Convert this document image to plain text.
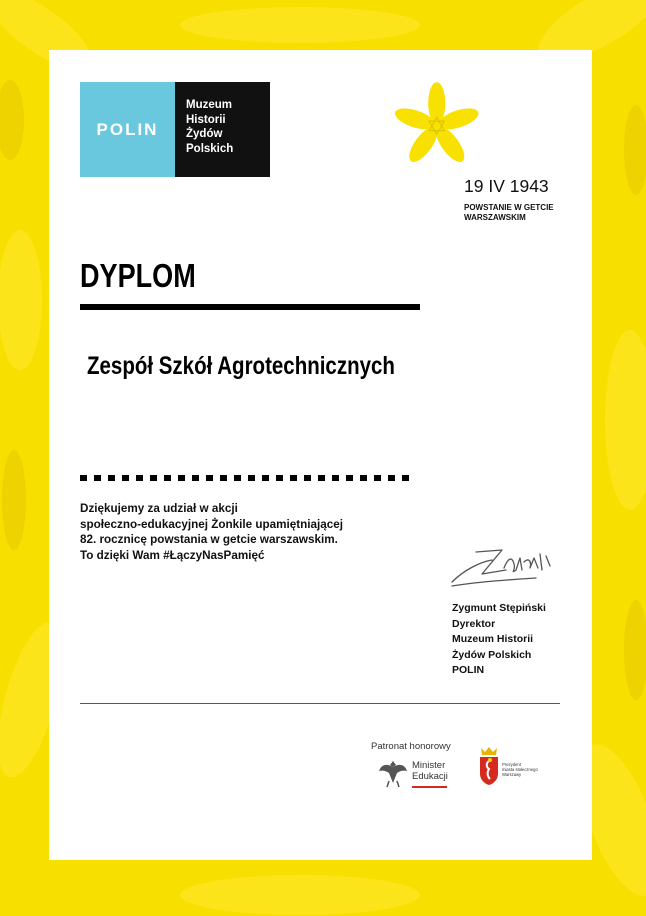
POLIN
Muzeum
Historii
Żydów
Polskich
19 IV 1943
POWSTANIE W GETCIE
WARSZAWSKIM
DYPLOM
Zespół Szkół Agrotechnicznych
Dziękujemy za udział w akcji
społeczno-edukacyjnej Żonkile upamiętniającej
82. rocznicę powstania w getcie warszawskim.
To dzięki Wam #ŁączyNasPamięć
Zygmunt Stępiński
Dyrektor
Muzeum Historii
Żydów Polskich
POLIN
Patronat honorowy
Minister
Edukacji
Prezydent
miasta stołecznego
Warszawy
